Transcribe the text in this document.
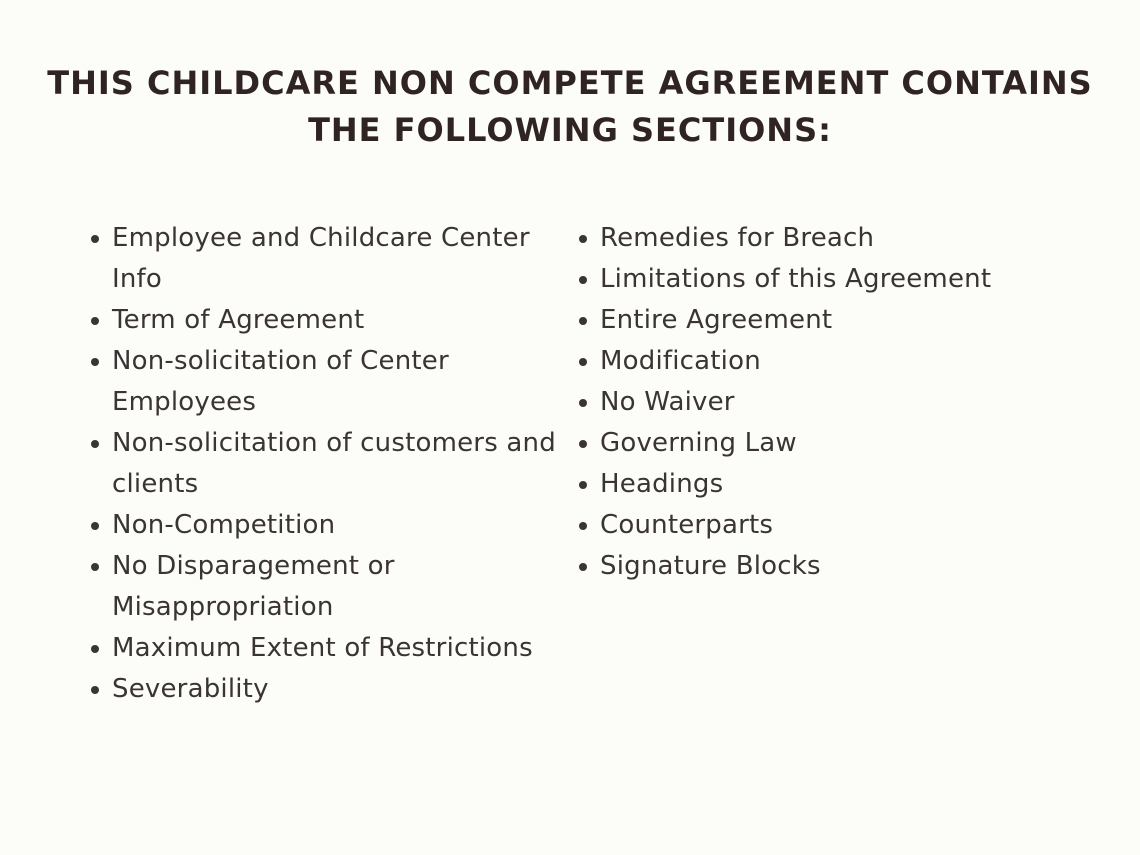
THIS CHILDCARE NON COMPETE AGREEMENT CONTAINS THE FOLLOWING SECTIONS:
Employee and Childcare Center Info
Term of Agreement
Non-solicitation of Center Employees
Non-solicitation of customers and clients
Non-Competition
No Disparagement or Misappropriation
Maximum Extent of Restrictions
Severability
Remedies for Breach
Limitations of this Agreement
Entire Agreement
Modification
No Waiver
Governing Law
Headings
Counterparts
Signature Blocks
